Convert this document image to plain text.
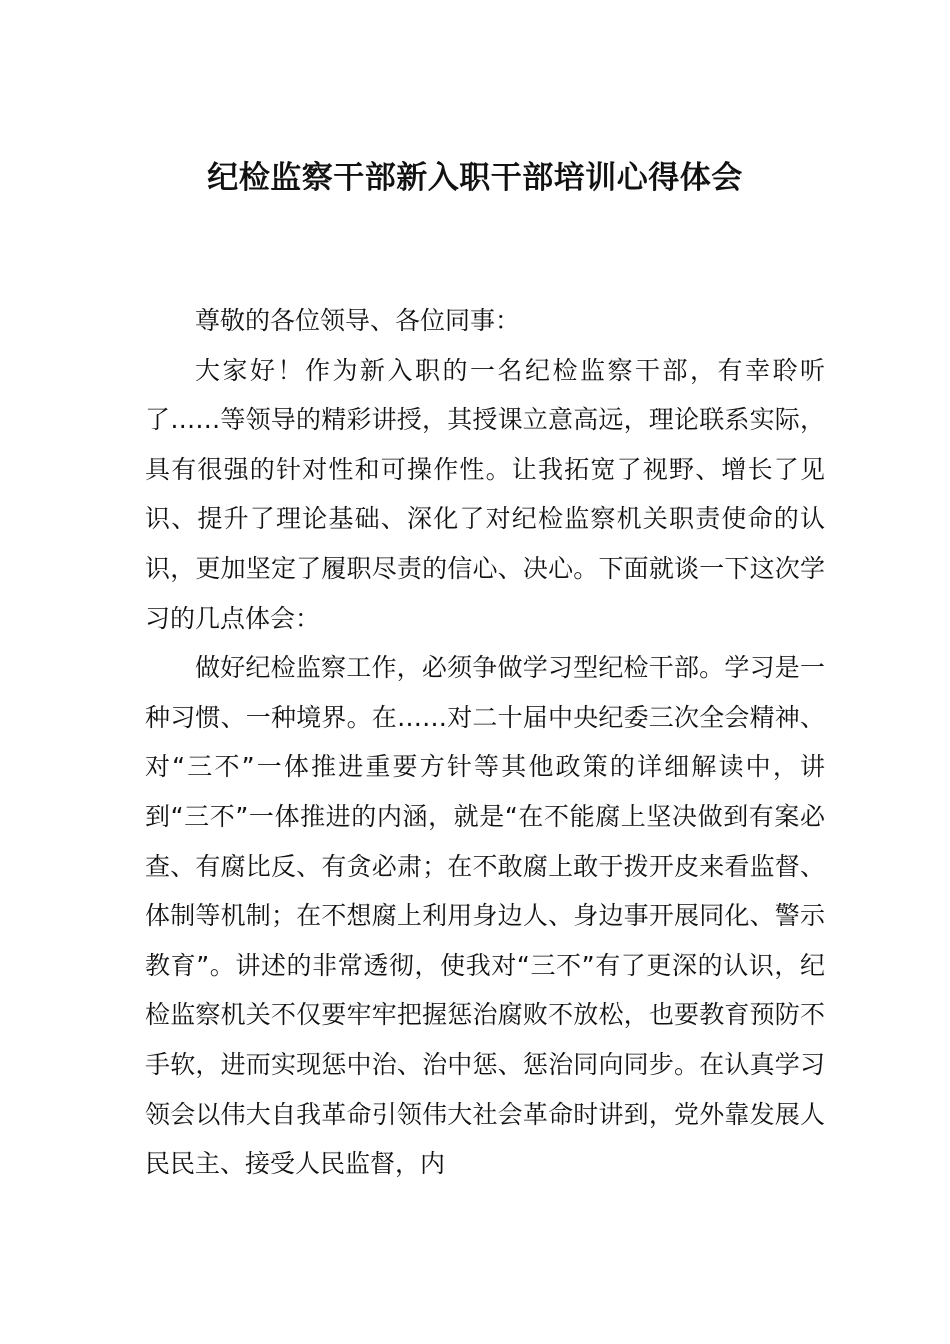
纪检监察干部新入职干部培训心得体会

尊敬的各位领导、各位同事：

大家好！作为新入职的一名纪检监察干部，有幸聆听了……等领导的精彩讲授，其授课立意高远，理论联系实际，具有很强的针对性和可操作性。让我拓宽了视野、增长了见识、提升了理论基础、深化了对纪检监察机关职责使命的认识，更加坚定了履职尽责的信心、决心。下面就谈一下这次学习的几点体会：

做好纪检监察工作，必须争做学习型纪检干部。学习是一种习惯、一种境界。在……对二十届中央纪委三次全会精神、对“三不”一体推进重要方针等其他政策的详细解读中，讲到“三不”一体推进的内涵，就是“在不能腐上坚决做到有案必查、有腐比反、有贪必肃；在不敢腐上敢于拨开皮来看监督、体制等机制；在不想腐上利用身边人、身边事开展同化、警示教育”。讲述的非常透彻，使我对“三不”有了更深的认识，纪检监察机关不仅要牢牢把握惩治腐败不放松，也要教育预防不手软，进而实现惩中治、治中惩、惩治同向同步。在认真学习领会以伟大自我革命引领伟大社会革命时讲到，党外靠发展人民民主、接受人民监督，内
